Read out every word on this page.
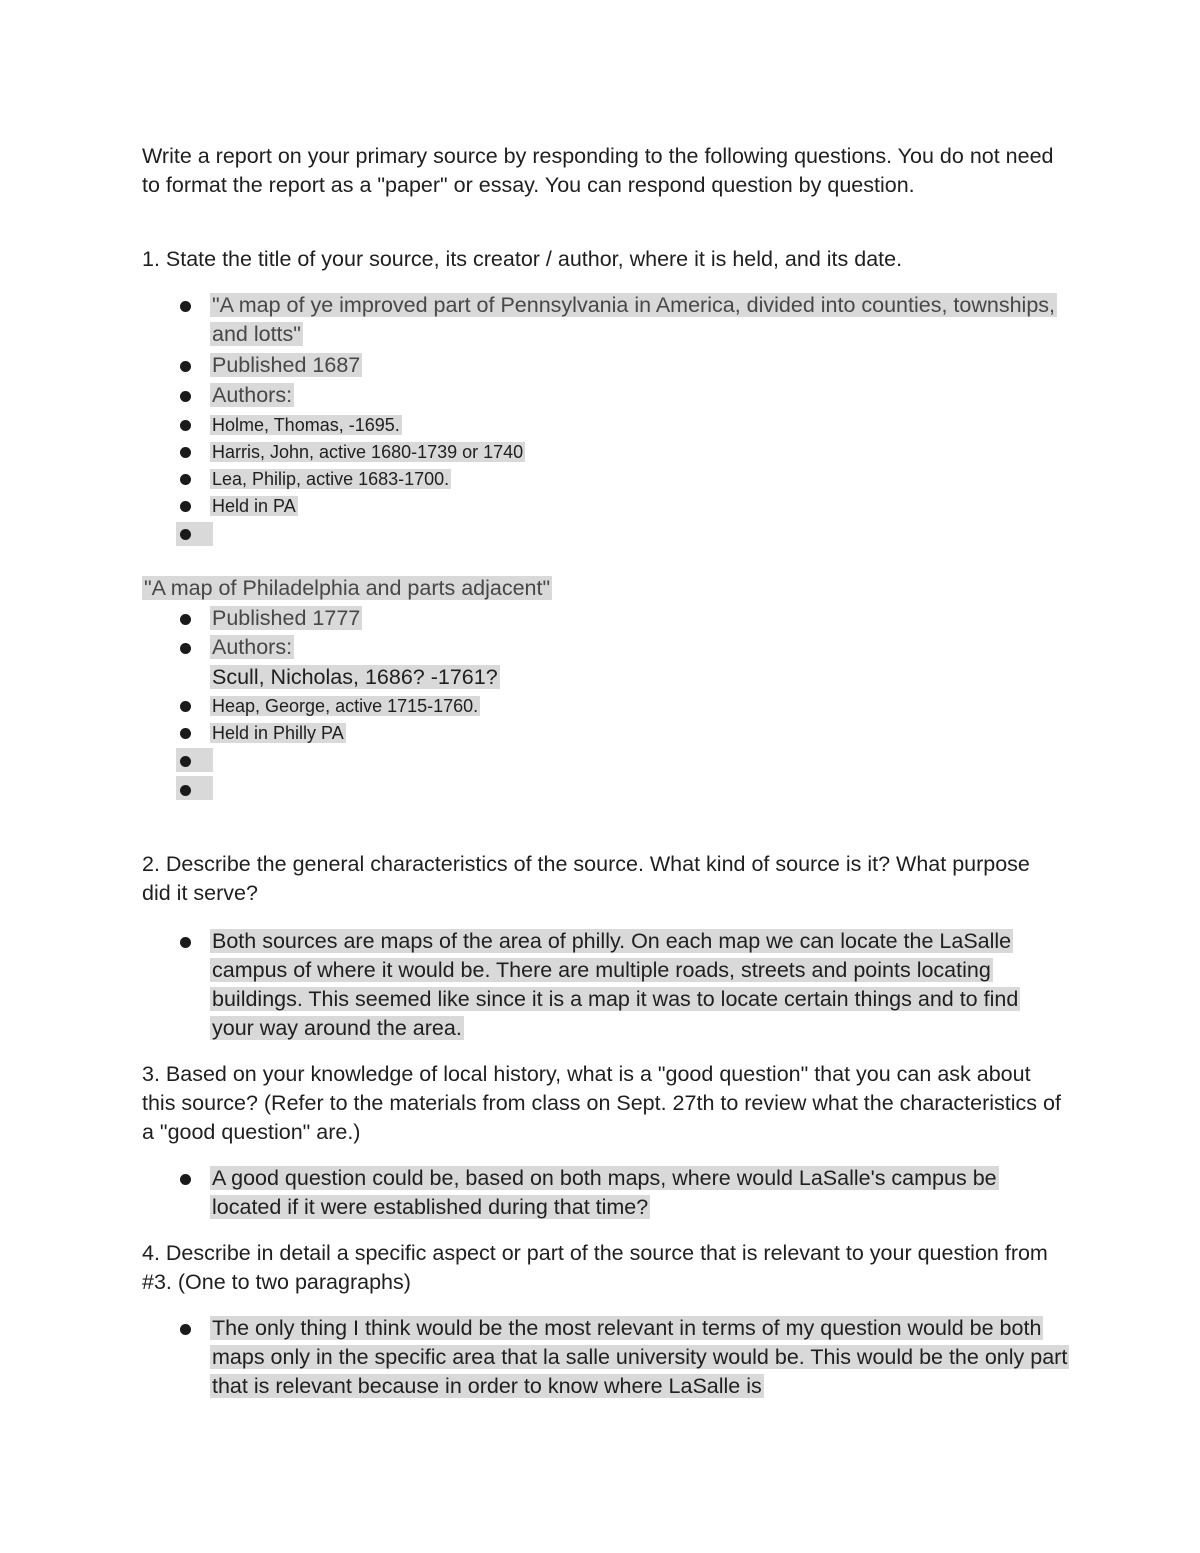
Write a report on your primary source by responding to the following questions. You do not need to format the report as a "paper" or essay. You can respond question by question.

1. State the title of your source, its creator / author, where it is held, and its date.

"A map of ye improved part of Pennsylvania in America, divided into counties, townships, and lotts"

Published 1687

Authors:

Holme, Thomas, -1695.

Harris, John, active 1680-1739 or 1740

Lea, Philip, active 1683-1700.

Held in PA

"A map of Philadelphia and parts adjacent"

Published 1777

Authors:

Scull, Nicholas, 1686? -1761?

Heap, George, active 1715-1760.

Held in Philly PA

2. Describe the general characteristics of the source. What kind of source is it? What purpose did it serve?

Both sources are maps of the area of philly. On each map we can locate the LaSalle campus of where it would be. There are multiple roads, streets and points locating buildings. This seemed like since it is a map it was to locate certain things and to find your way around the area.

3. Based on your knowledge of local history, what is a "good question" that you can ask about this source? (Refer to the materials from class on Sept. 27th to review what the characteristics of a "good question" are.)

A good question could be, based on both maps, where would LaSalle's campus be located if it were established during that time?

4. Describe in detail a specific aspect or part of the source that is relevant to your question from #3. (One to two paragraphs)

The only thing I think would be the most relevant in terms of my question would be both maps only in the specific area that la salle university would be. This would be the only part that is relevant because in order to know where LaSalle is
